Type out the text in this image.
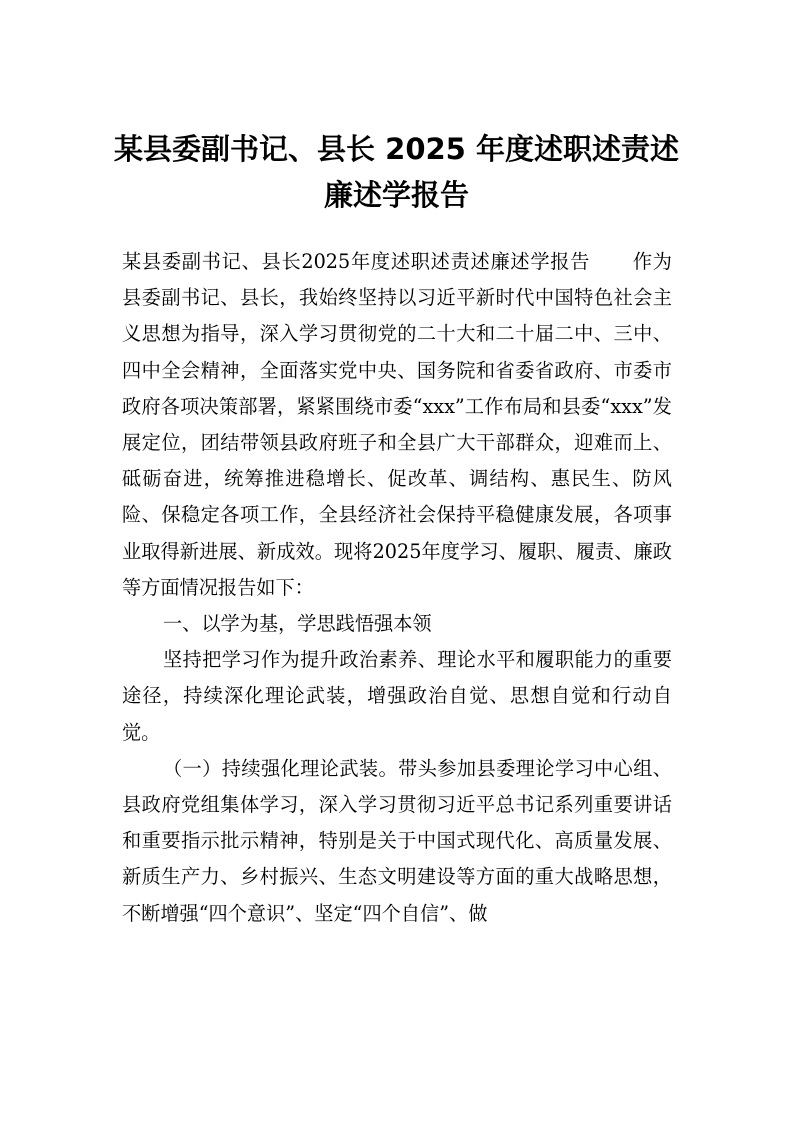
某县委副书记、县长 2025 年度述职述责述
廉述学报告

某县委副书记、县长2025年度述职述责述廉述学报告 作为县委副书记、县长，我始终坚持以习近平新时代中国特色社会主义思想为指导，深入学习贯彻党的二十大和二十届二中、三中、四中全会精神，全面落实党中央、国务院和省委省政府、市委市政府各项决策部署，紧紧围绕市委“xxx”工作布局和县委“xxx”发展定位，团结带领县政府班子和全县广大干部群众，迎难而上、砥砺奋进，统筹推进稳增长、促改革、调结构、惠民生、防风险、保稳定各项工作，全县经济社会保持平稳健康发展，各项事业取得新进展、新成效。现将2025年度学习、履职、履责、廉政等方面情况报告如下：

一、以学为基，学思践悟强本领

坚持把学习作为提升政治素养、理论水平和履职能力的重要途径，持续深化理论武装，增强政治自觉、思想自觉和行动自觉。

（一）持续强化理论武装。带头参加县委理论学习中心组、县政府党组集体学习，深入学习贯彻习近平总书记系列重要讲话和重要指示批示精神，特别是关于中国式现代化、高质量发展、新质生产力、乡村振兴、生态文明建设等方面的重大战略思想，不断增强“四个意识”、坚定“四个自信”、做
